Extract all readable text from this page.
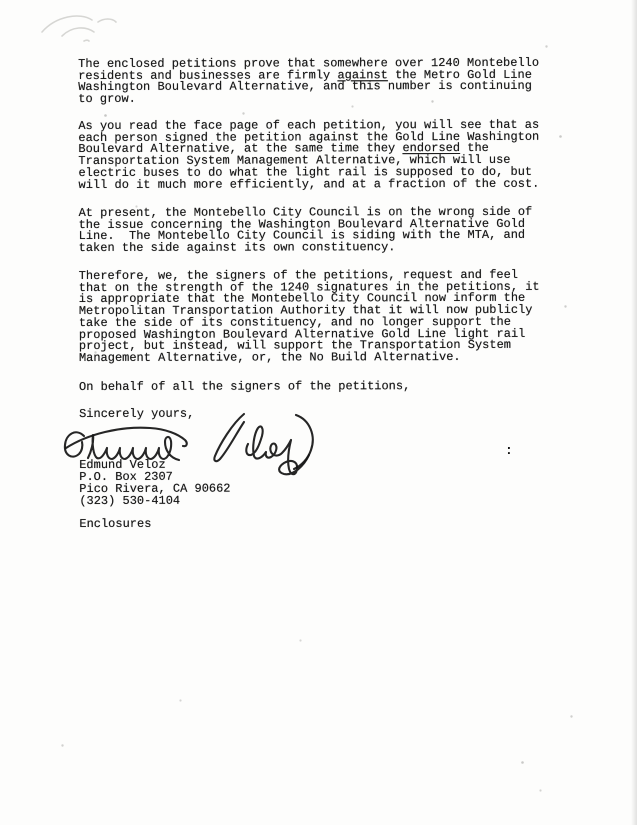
The enclosed petitions prove that somewhere over 1240 Montebello
residents and businesses are firmly against the Metro Gold Line
Washington Boulevard Alternative, and this number is continuing
to grow.
As you read the face page of each petition, you will see that as
each person signed the petition against the Gold Line Washington
Boulevard Alternative, at the same time they endorsed the
Transportation System Management Alternative, which will use
electric buses to do what the light rail is supposed to do, but
will do it much more efficiently, and at a fraction of the cost.
At present, the Montebello City Council is on the wrong side of
the issue concerning the Washington Boulevard Alternative Gold
Line.  The Montebello City Council is siding with the MTA, and
taken the side against its own constituency.
Therefore, we, the signers of the petitions, request and feel
that on the strength of the 1240 signatures in the petitions, it
is appropriate that the Montebello City Council now inform the
Metropolitan Transportation Authority that it will now publicly
take the side of its constituency, and no longer support the
proposed Washington Boulevard Alternative Gold Line light rail
project, but instead, will support the Transportation System
Management Alternative, or, the No Build Alternative.
On behalf of all the signers of the petitions,
Sincerely yours,
Edmund Veloz
P.O. Box 2307
Pico Rivera, CA 90662
(323) 530-4104
Enclosures
:
